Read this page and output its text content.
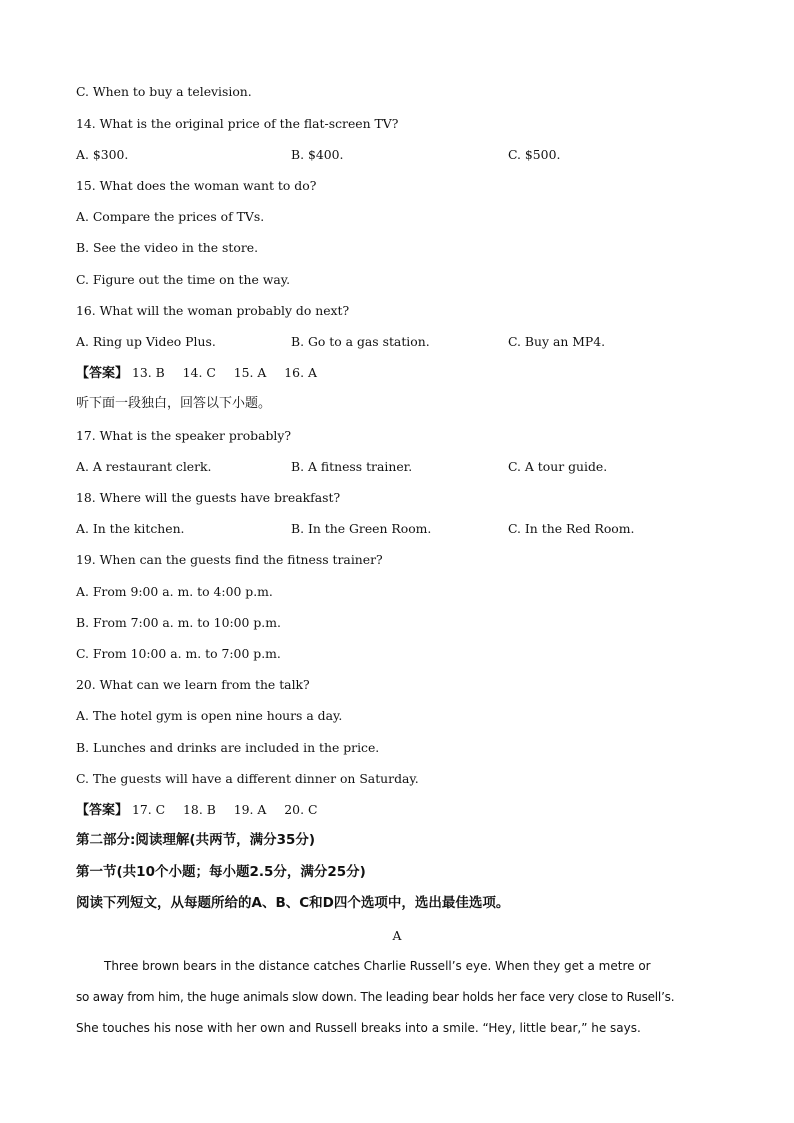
C. When to buy a television.
14. What is the original price of the flat-screen TV?
A. $300.	B. $400.	C. $500.
15. What does the woman want to do?
A. Compare the prices of TVs.
B. See the video in the store.
C. Figure out the time on the way.
16. What will the woman probably do next?
A. Ring up Video Plus.	B. Go to a gas station.	C. Buy an MP4.
【答案】 13. B 14. C 15. A 16. A
听下面一段独白，回答以下小题。
17. What is the speaker probably?
A. A restaurant clerk.	B. A fitness trainer.	C. A tour guide.
18. Where will the guests have breakfast?
A. In the kitchen.	B. In the Green Room.	C. In the Red Room.
19. When can the guests find the fitness trainer?
A. From 9:00 a. m. to 4:00 p.m.
B. From 7:00 a. m. to 10:00 p.m.
C. From 10:00 a. m. to 7:00 p.m.
20. What can we learn from the talk?
A. The hotel gym is open nine hours a day.
B. Lunches and drinks are included in the price.
C. The guests will have a different dinner on Saturday.
【答案】 17. C 18. B 19. A 20. C
第二部分:阅读理解(共两节，满分35分)
第一节(共10个小题；每小题2.5分，满分25分)
阅读下列短文，从每题所给的A、B、C和D四个选项中，选出最佳选项。
A
Three brown bears in the distance catches Charlie Russell’s eye. When they get a metre or
so away from him, the huge animals slow down. The leading bear holds her face very close to Rusell’s.
She touches his nose with her own and Russell breaks into a smile. “Hey, little bear,” he says.
